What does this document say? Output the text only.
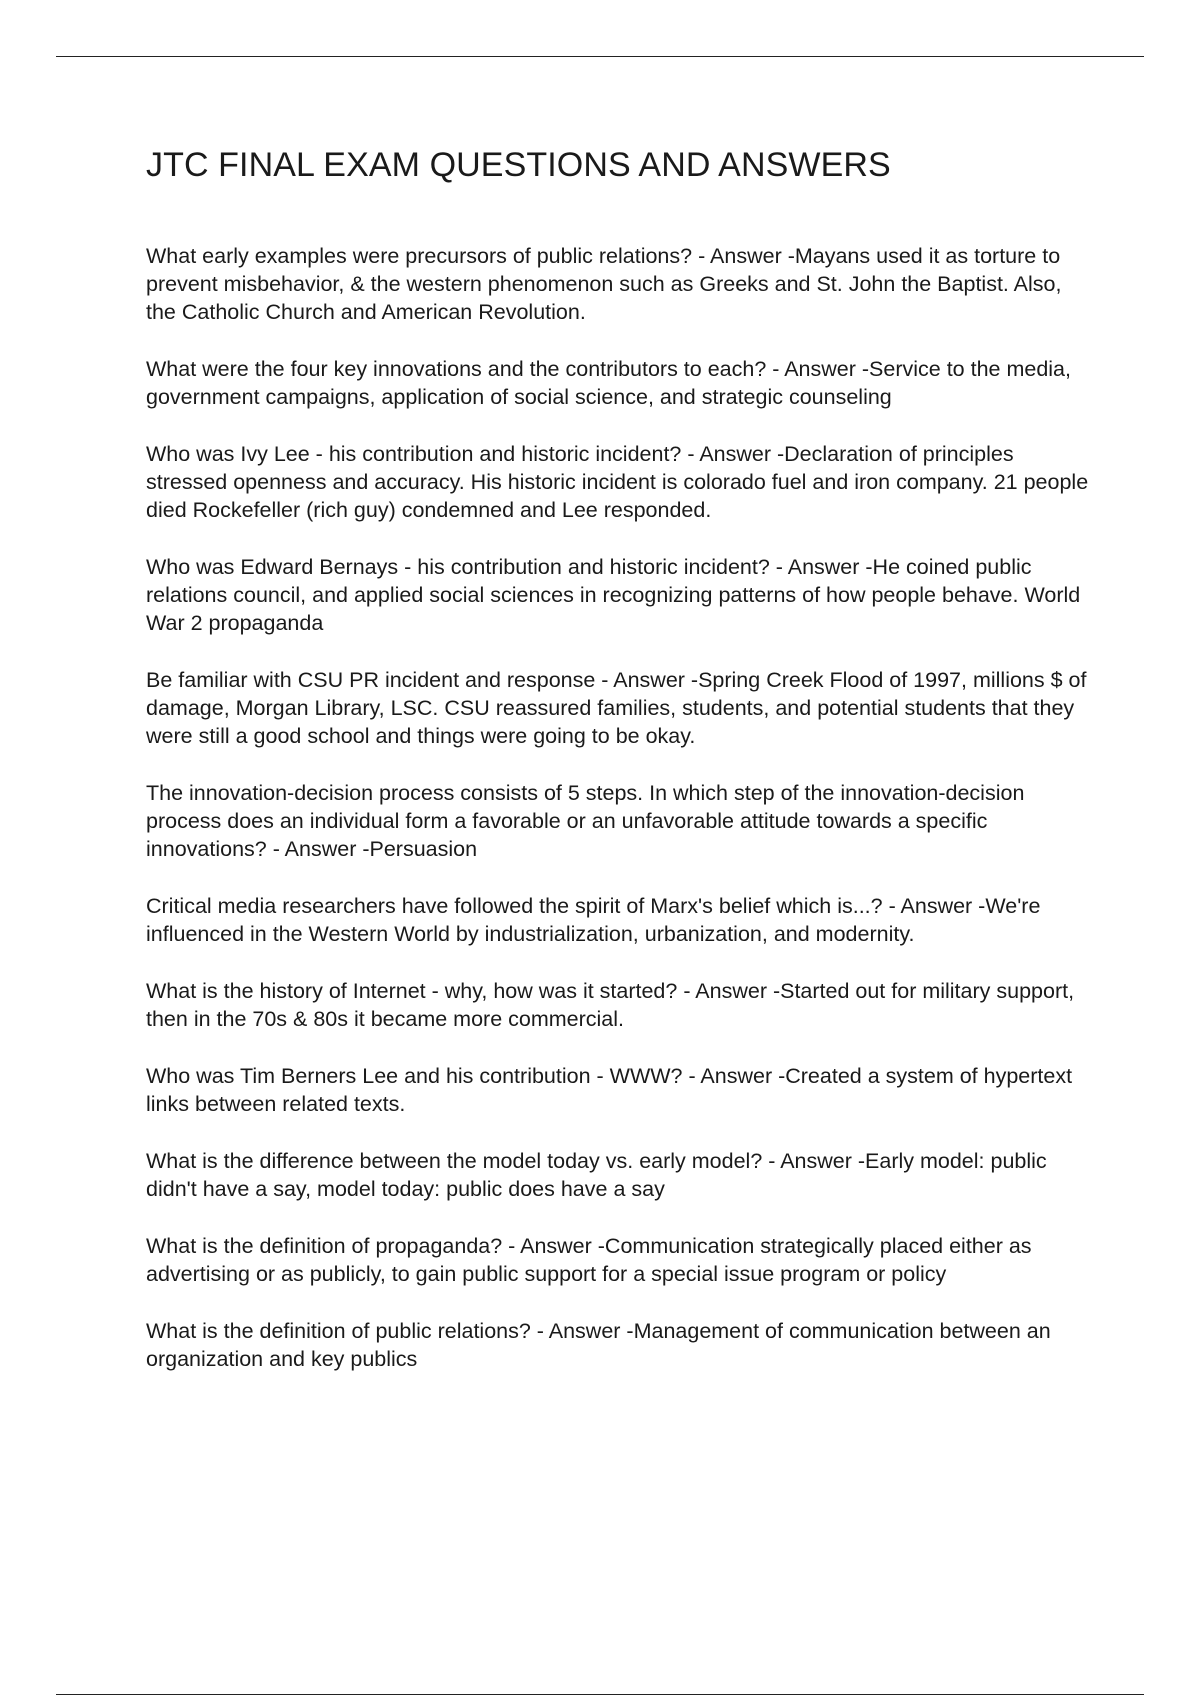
JTC FINAL EXAM QUESTIONS AND ANSWERS
What early examples were precursors of public relations? - Answer -Mayans used it as torture to prevent misbehavior, & the western phenomenon such as Greeks and St. John the Baptist. Also, the Catholic Church and American Revolution.
What were the four key innovations and the contributors to each? - Answer -Service to the media, government campaigns, application of social science, and strategic counseling
Who was Ivy Lee - his contribution and historic incident? - Answer -Declaration of principles stressed openness and accuracy. His historic incident is colorado fuel and iron company. 21 people died Rockefeller (rich guy) condemned and Lee responded.
Who was Edward Bernays - his contribution and historic incident? - Answer -He coined public relations council, and applied social sciences in recognizing patterns of how people behave. World War 2 propaganda
Be familiar with CSU PR incident and response - Answer -Spring Creek Flood of 1997, millions $ of damage, Morgan Library, LSC. CSU reassured families, students, and potential students that they were still a good school and things were going to be okay.
The innovation-decision process consists of 5 steps. In which step of the innovation-decision process does an individual form a favorable or an unfavorable attitude towards a specific innovations? - Answer -Persuasion
Critical media researchers have followed the spirit of Marx's belief which is...? - Answer -We're influenced in the Western World by industrialization, urbanization, and modernity.
What is the history of Internet - why, how was it started? - Answer -Started out for military support, then in the 70s & 80s it became more commercial.
Who was Tim Berners Lee and his contribution - WWW? - Answer -Created a system of hypertext links between related texts.
What is the difference between the model today vs. early model? - Answer -Early model: public didn't have a say, model today: public does have a say
What is the definition of propaganda? - Answer -Communication strategically placed either as advertising or as publicly, to gain public support for a special issue program or policy
What is the definition of public relations? - Answer -Management of communication between an organization and key publics
